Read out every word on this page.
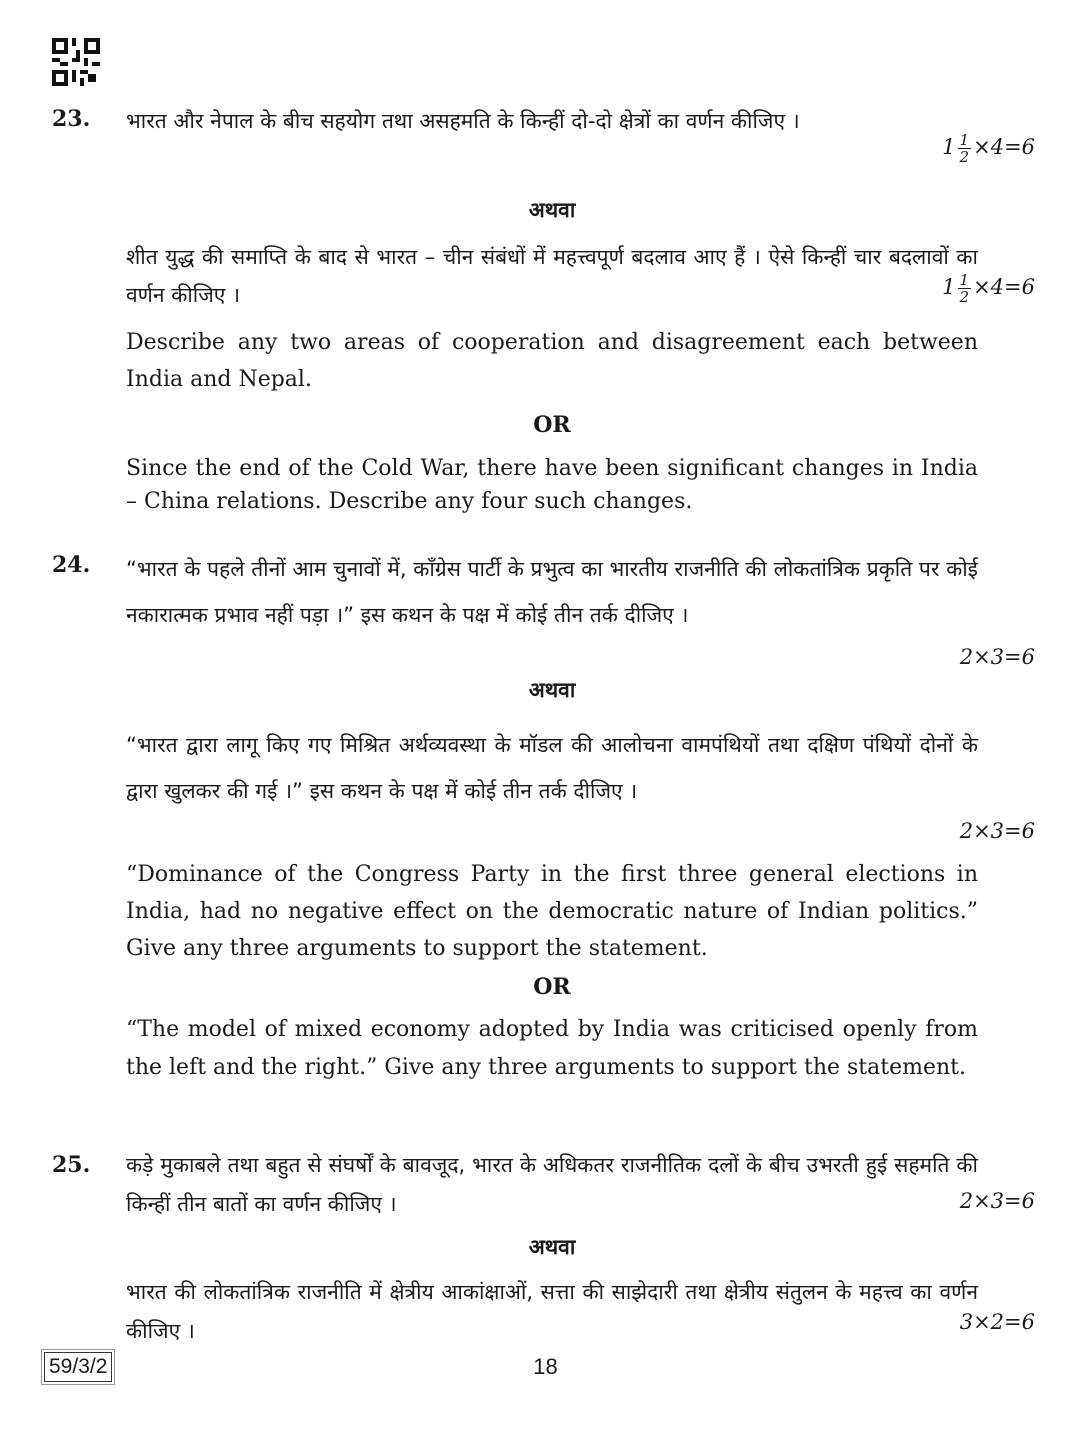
23. भारत और नेपाल के बीच सहयोग तथा असहमति के किन्हीं दो-दो क्षेत्रों का वर्णन कीजिए ।
$1 \frac{1}{2} \times 4=6$
अथवा
शीत युद्ध की समाप्ति के बाद से भारत – चीन संबंधों में महत्त्वपूर्ण बदलाव आए हैं । ऐसे किन्हीं चार बदलावों का वर्णन कीजिए ।	$1 \frac{1}{2} \times 4=6$
Describe any two areas of cooperation and disagreement each between India and Nepal.
OR
Since the end of the Cold War, there have been significant changes in India – China relations. Describe any four such changes.
24. “भारत के पहले तीनों आम चुनावों में, काँग्रेस पार्टी के प्रभुत्व का भारतीय राजनीति की लोकतांत्रिक प्रकृति पर कोई नकारात्मक प्रभाव नहीं पड़ा ।” इस कथन के पक्ष में कोई तीन तर्क दीजिए ।
2×3=6
अथवा
“भारत द्वारा लागू किए गए मिश्रित अर्थव्यवस्था के मॉडल की आलोचना वामपंथियों तथा दक्षिण पंथियों दोनों के द्वारा खुलकर की गई ।” इस कथन के पक्ष में कोई तीन तर्क दीजिए ।
2×3=6
“Dominance of the Congress Party in the first three general elections in India, had no negative effect on the democratic nature of Indian politics.” Give any three arguments to support the statement.
OR
“The model of mixed economy adopted by India was criticised openly from the left and the right.” Give any three arguments to support the statement.
25. कड़े मुकाबले तथा बहुत से संघर्षों के बावजूद, भारत के अधिकतर राजनीतिक दलों के बीच उभरती हुई सहमति की किन्हीं तीन बातों का वर्णन कीजिए ।	2×3=6
अथवा
भारत की लोकतांत्रिक राजनीति में क्षेत्रीय आकांक्षाओं, सत्ता की साझेदारी तथा क्षेत्रीय संतुलन के महत्त्व का वर्णन कीजिए ।	3×2=6
59/3/2	18
